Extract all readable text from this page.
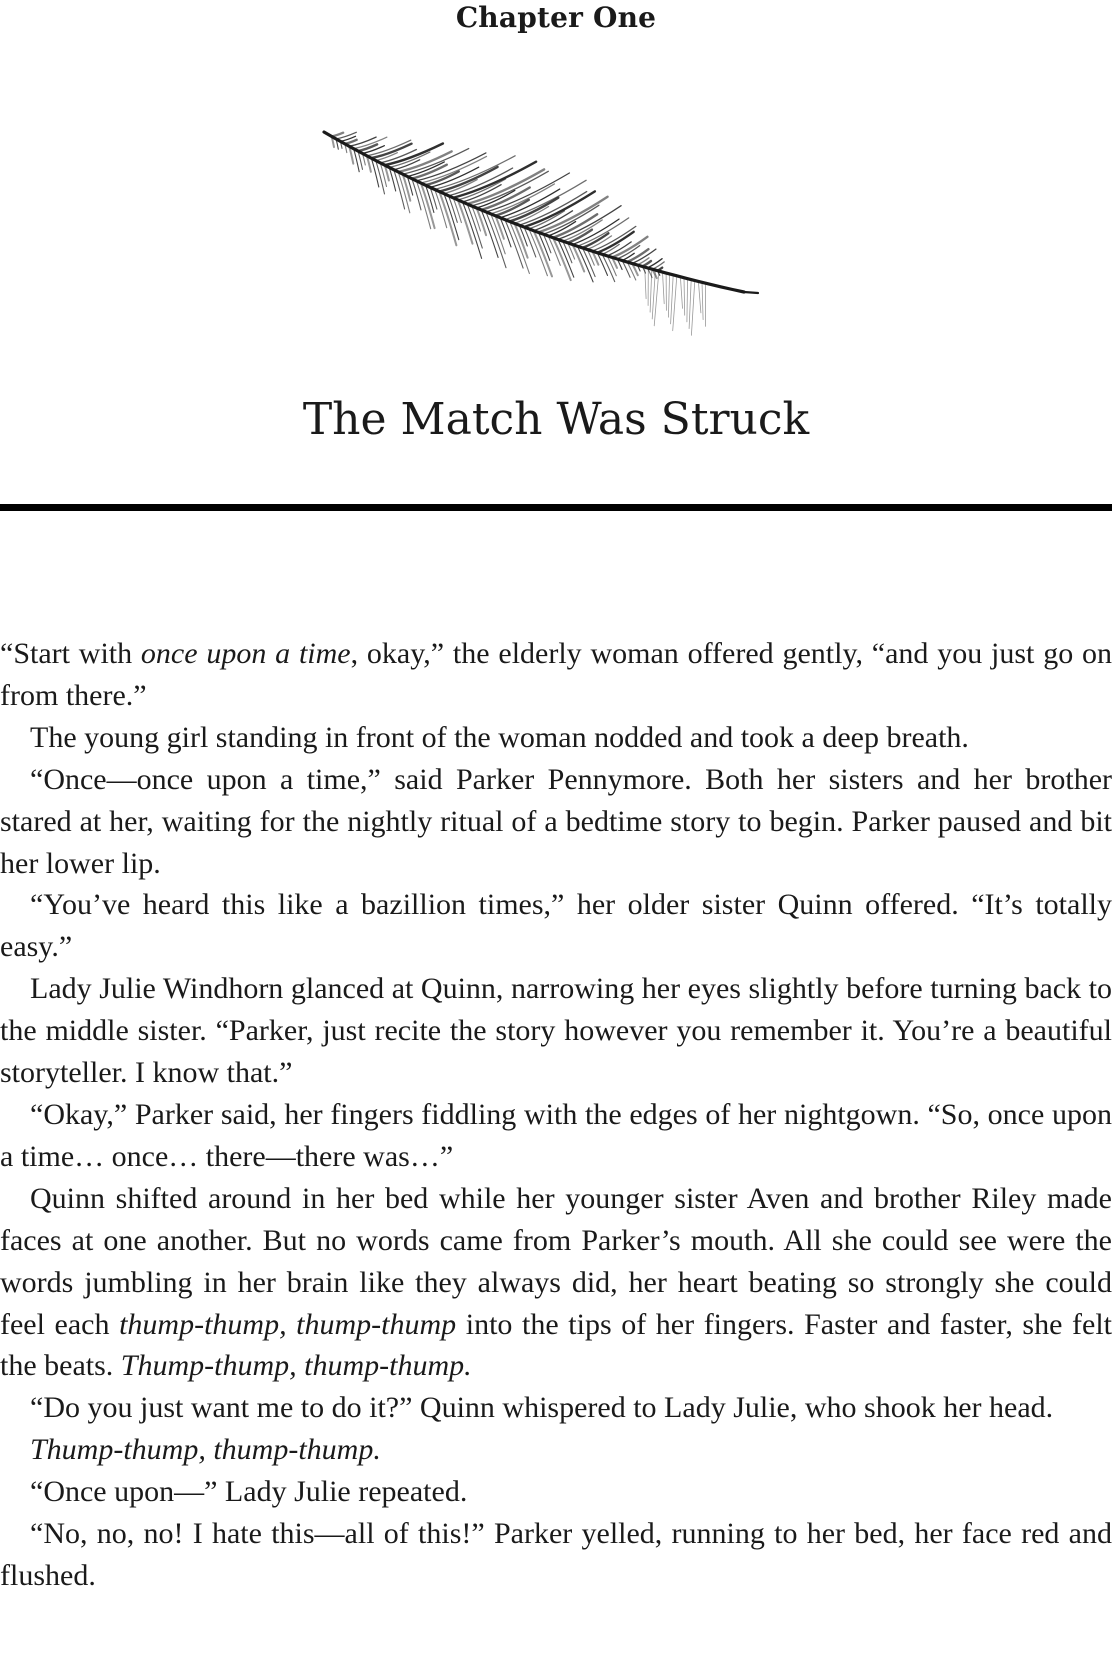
Chapter One
The Match Was Struck

“Start with once upon a time, okay,” the elderly woman offered gently, “and you just go on from there.”

The young girl standing in front of the woman nodded and took a deep breath.

“Once—once upon a time,” said Parker Pennymore. Both her sisters and her brother stared at her, waiting for the nightly ritual of a bedtime story to begin. Parker paused and bit her lower lip.

“You’ve heard this like a bazillion times,” her older sister Quinn offered. “It’s totally easy.”

Lady Julie Windhorn glanced at Quinn, narrowing her eyes slightly before turning back to the middle sister. “Parker, just recite the story however you remember it. You’re a beautiful storyteller. I know that.”

“Okay,” Parker said, her fingers fiddling with the edges of her nightgown. “So, once upon a time… once… there—there was…”

Quinn shifted around in her bed while her younger sister Aven and brother Riley made faces at one another. But no words came from Parker’s mouth. All she could see were the words jumbling in her brain like they always did, her heart beating so strongly she could feel each thump-thump, thump-thump into the tips of her fingers. Faster and faster, she felt the beats. Thump-thump, thump-thump.

“Do you just want me to do it?” Quinn whispered to Lady Julie, who shook her head.

Thump-thump, thump-thump.

“Once upon—” Lady Julie repeated.

“No, no, no! I hate this—all of this!” Parker yelled, running to her bed, her face red and flushed.
